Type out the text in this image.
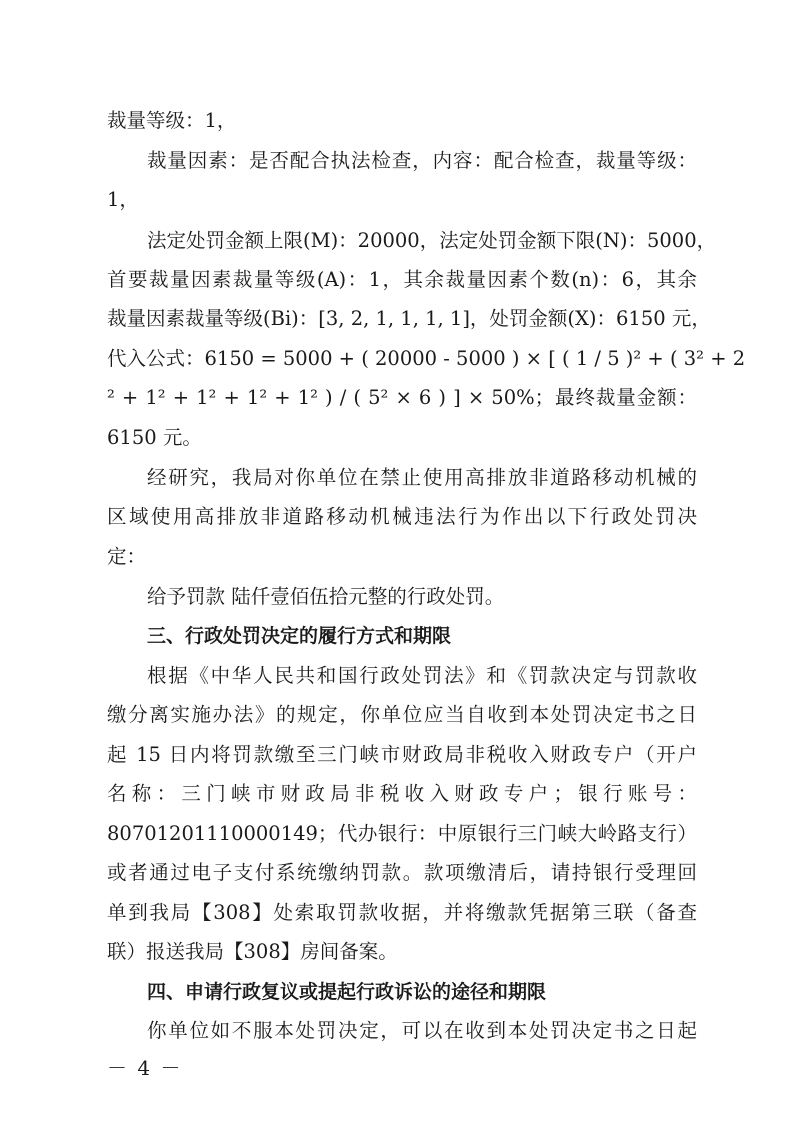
裁量等级：1，
裁量因素：是否配合执法检查，内容：配合检查，裁量等级：
1，
法定处罚金额上限(M)：20000，法定处罚金额下限(N)：5000，
首要裁量因素裁量等级(A)：1，其余裁量因素个数(n)：6，其余
裁量因素裁量等级(Bi)：[3, 2, 1, 1, 1, 1]，处罚金额(X)：6150 元，
代入公式：6150 = 5000 + ( 20000 - 5000 ) × [ ( 1 / 5 )² + ( 3² + 2
² + 1² + 1² + 1² + 1² ) / ( 5² × 6 ) ] × 50%；最终裁量金额：
6150 元。
经研究，我局对你单位在禁止使用高排放非道路移动机械的
区域使用高排放非道路移动机械违法行为作出以下行政处罚决
定：
给予罚款 陆仟壹佰伍拾元整的行政处罚。
三、行政处罚决定的履行方式和期限
根据《中华人民共和国行政处罚法》和《罚款决定与罚款收
缴分离实施办法》的规定，你单位应当自收到本处罚决定书之日
起 15 日内将罚款缴至三门峡市财政局非税收入财政专户（开户
名称：三门峡市财政局非税收入财政专户；银行账号：
80701201110000149；代办银行：中原银行三门峡大岭路支行）
或者通过电子支付系统缴纳罚款。款项缴清后，请持银行受理回
单到我局【308】处索取罚款收据，并将缴款凭据第三联（备查
联）报送我局【308】房间备案。
四、申请行政复议或提起行政诉讼的途径和期限
你单位如不服本处罚决定，可以在收到本处罚决定书之日起
－ 4 －
